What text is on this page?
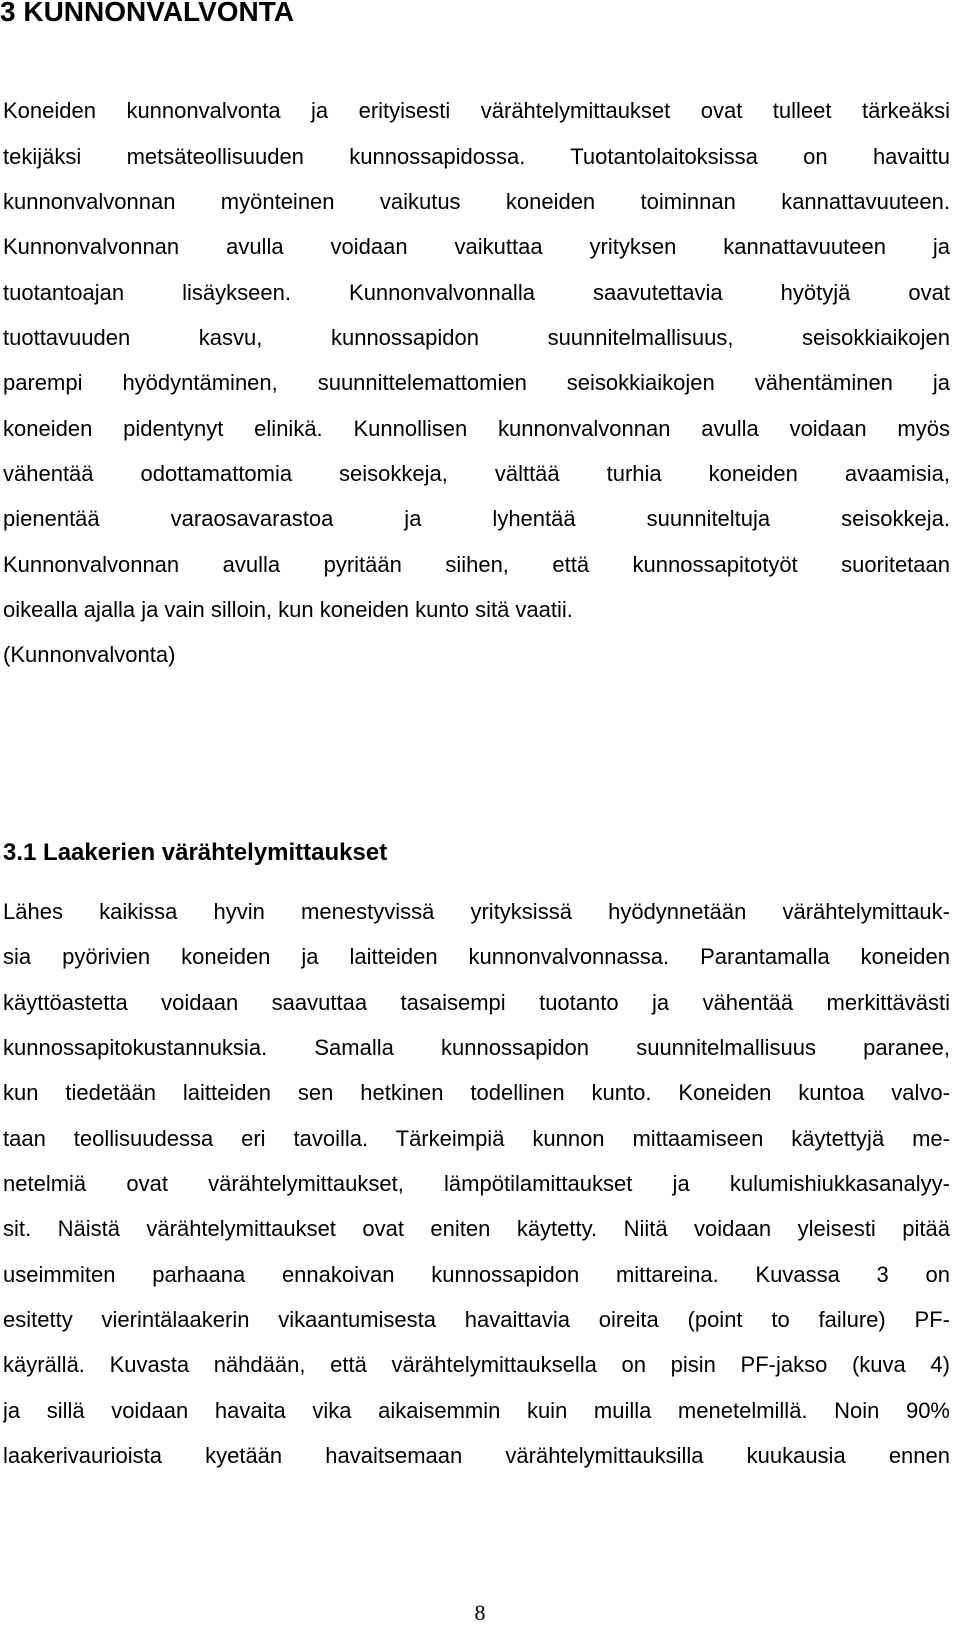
3 KUNNONVALVONTA
Koneiden kunnonvalvonta ja erityisesti värähtelymittaukset ovat tulleet tärkeäksi
tekijäksi metsäteollisuuden kunnossapidossa. Tuotantolaitoksissa on havaittu
kunnonvalvonnan myönteinen vaikutus koneiden toiminnan kannattavuuteen.
Kunnonvalvonnan avulla voidaan vaikuttaa yrityksen kannattavuuteen ja
tuotantoajan lisäykseen. Kunnonvalvonnalla saavutettavia hyötyjä ovat
tuottavuuden kasvu, kunnossapidon suunnitelmallisuus, seisokkiaikojen
parempi hyödyntäminen, suunnittelemattomien seisokkiaikojen vähentäminen ja
koneiden pidentynyt elinikä. Kunnollisen kunnonvalvonnan avulla voidaan myös
vähentää odottamattomia seisokkeja, välttää turhia koneiden avaamisia,
pienentää varaosavarastoa ja lyhentää suunniteltuja seisokkeja.
Kunnonvalvonnan avulla pyritään siihen, että kunnossapitotyöt suoritetaan
oikealla ajalla ja vain silloin, kun koneiden kunto sitä vaatii.
(Kunnonvalvonta)
3.1 Laakerien värähtelymittaukset
Lähes kaikissa hyvin menestyvissä yrityksissä hyödynnetään värähtelymittauk-
sia pyörivien koneiden ja laitteiden kunnonvalvonnassa. Parantamalla koneiden
käyttöastetta voidaan saavuttaa tasaisempi tuotanto ja vähentää merkittävästi
kunnossapitokustannuksia. Samalla kunnossapidon suunnitelmallisuus paranee,
kun tiedetään laitteiden sen hetkinen todellinen kunto. Koneiden kuntoa valvo-
taan teollisuudessa eri tavoilla. Tärkeimpiä kunnon mittaamiseen käytettyjä me-
netelmiä ovat värähtelymittaukset, lämpötilamittaukset ja kulumishiukkasanalyy-
sit. Näistä värähtelymittaukset ovat eniten käytetty. Niitä voidaan yleisesti pitää
useimmiten parhaana ennakoivan kunnossapidon mittareina. Kuvassa 3 on
esitetty vierintälaakerin vikaantumisesta havaittavia oireita (point to failure) PF-
käyrällä. Kuvasta nähdään, että värähtelymittauksella on pisin PF-jakso (kuva 4)
ja sillä voidaan havaita vika aikaisemmin kuin muilla menetelmillä. Noin 90%
laakerivaurioista kyetään havaitsemaan värähtelymittauksilla kuukausia ennen
8
